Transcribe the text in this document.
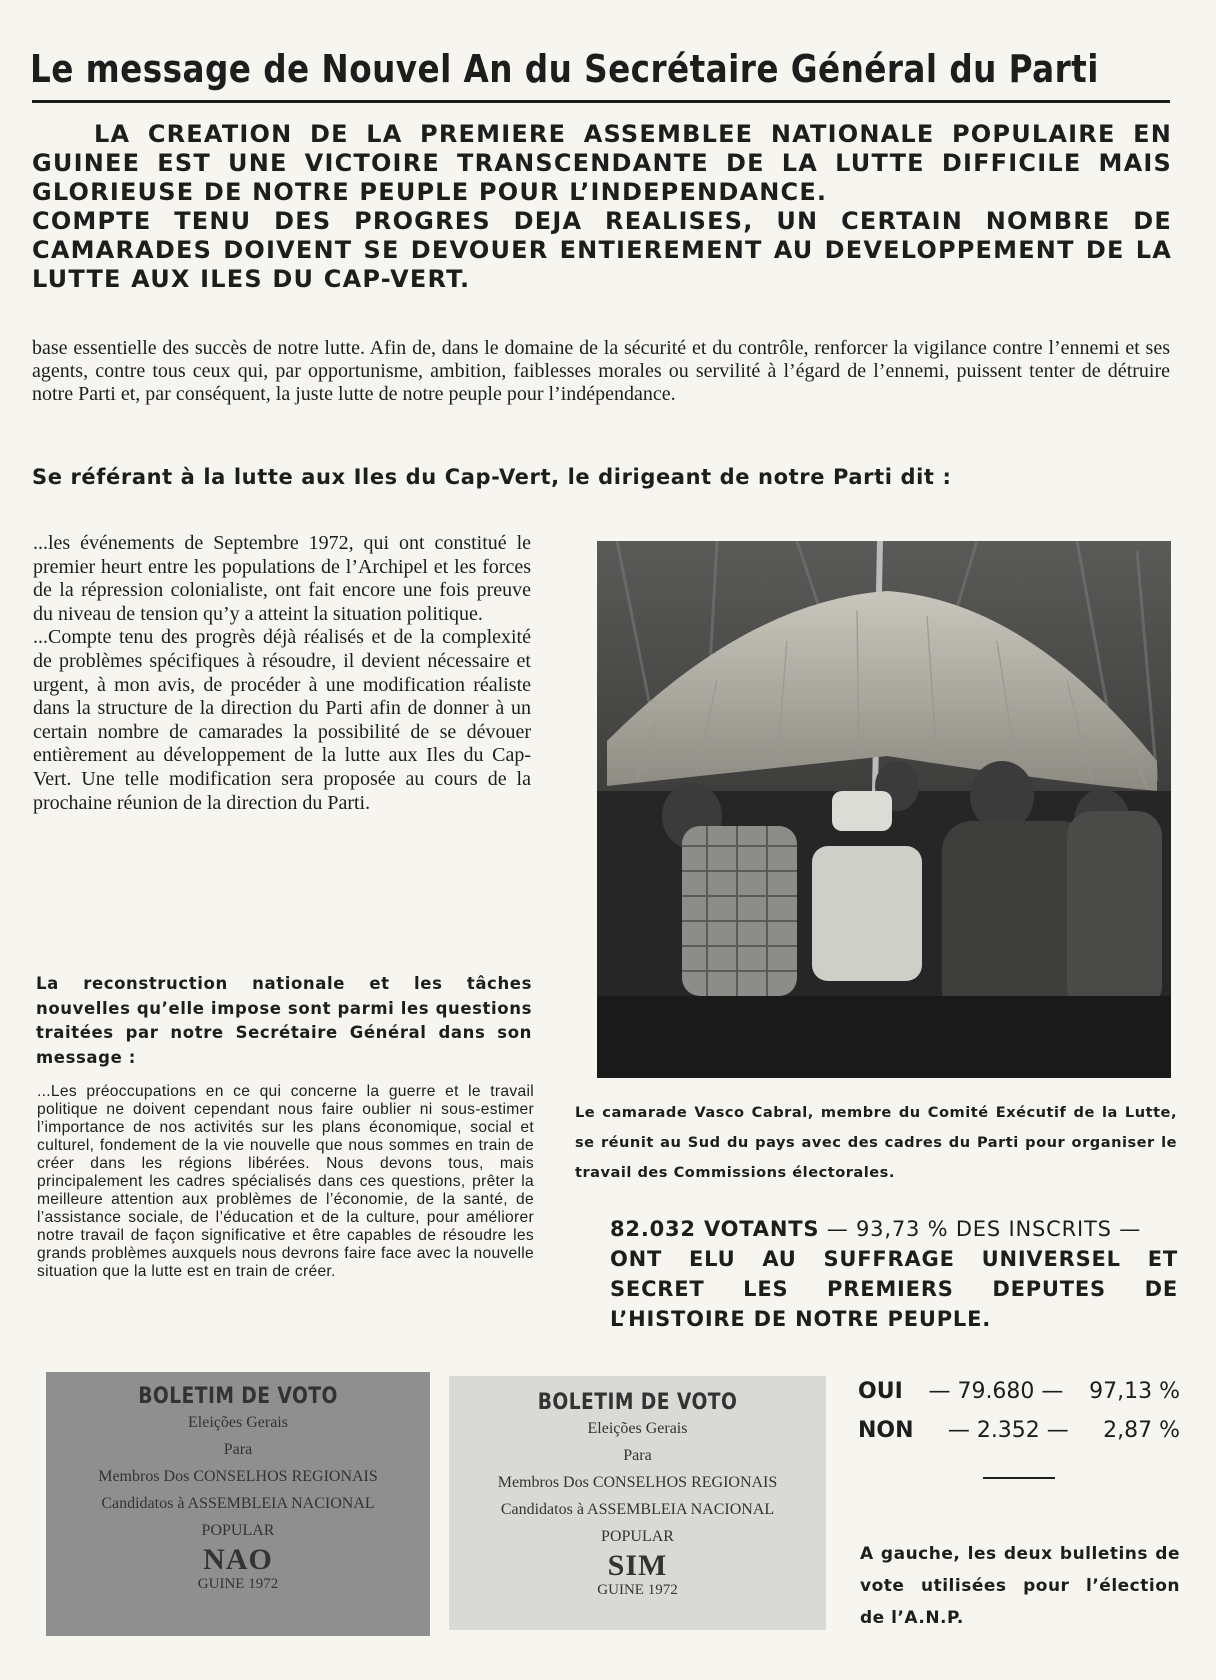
Le message de Nouvel An du Secrétaire Général du Parti

LA CREATION DE LA PREMIERE ASSEMBLEE NATIONALE POPULAIRE EN GUINEE EST UNE VICTOIRE TRANSCENDANTE DE LA LUTTE DIFFICILE MAIS GLORIEUSE DE NOTRE PEUPLE POUR L’INDEPENDANCE.

COMPTE TENU DES PROGRES DEJA REALISES, UN CERTAIN NOMBRE DE CAMARADES DOIVENT SE DEVOUER ENTIEREMENT AU DEVELOPPEMENT DE LA LUTTE AUX ILES DU CAP-VERT.

base essentielle des succès de notre lutte. Afin de, dans le domaine de la sécurité et du contrôle, renforcer la vigilance contre l’ennemi et ses agents, contre tous ceux qui, par opportunisme, ambition, faiblesses morales ou servilité à l’égard de l’ennemi, puissent tenter de détruire notre Parti et, par conséquent, la juste lutte de notre peuple pour l’indépendance.
Se référant à la lutte aux Iles du Cap-Vert, le dirigeant de notre Parti dit :

...les événements de Septembre 1972, qui ont constitué le premier heurt entre les populations de l’Archipel et les forces de la répression colonialiste, ont fait encore une fois preuve du niveau de tension qu’y a atteint la situation politique.

...Compte tenu des progrès déjà réalisés et de la complexité de problèmes spécifiques à résoudre, il devient nécessaire et urgent, à mon avis, de procéder à une modification réaliste dans la structure de la direction du Parti afin de donner à un certain nombre de camarades la possibilité de se dévouer entièrement au développement de la lutte aux Iles du Cap-Vert. Une telle modification sera proposée au cours de la prochaine réunion de la direction du Parti.

La reconstruction nationale et les tâches nouvelles qu’elle impose sont parmi les questions traitées par notre Secrétaire Général dans son message :
...Les préoccupations en ce qui concerne la guerre et le travail politique ne doivent cependant nous faire oublier ni sous-estimer l’importance de nos activités sur les plans économique, social et culturel, fondement de la vie nouvelle que nous sommes en train de créer dans les régions libérées. Nous devons tous, mais principalement les cadres spécialisés dans ces questions, prêter la meilleure attention aux problèmes de l’économie, de la santé, de l’assistance sociale, de l’éducation et de la culture, pour améliorer notre travail de façon significative et être capables de résoudre les grands problèmes auxquels nous devrons faire face avec la nouvelle situation que la lutte est en train de créer.
Le camarade Vasco Cabral, membre du Comité Exécutif de la Lutte, se réunit au Sud du pays avec des cadres du Parti pour organiser le travail des Commissions électorales.
82.032 VOTANTS — 93,73 % DES INSCRITS —
ONT ELU AU SUFFRAGE UNIVERSEL ET SECRET LES PREMIERS DEPUTES DE L’HISTOIRE DE NOTRE PEUPLE.
BOLETIM DE VOTO
Eleições Gerais
Para
Membros Dos CONSELHOS REGIONAIS
Candidatos à ASSEMBLEIA NACIONAL
POPULAR
NAO
GUINE 1972
BOLETIM DE VOTO
Eleições Gerais
Para
Membros Dos CONSELHOS REGIONAIS
Candidatos à ASSEMBLEIA NACIONAL
POPULAR
SIM
GUINE 1972
OUI — 79.680 — 97,13 %
NON — 2.352 — 2,87 %
A gauche, les deux bulletins de vote utilisées pour l’élection de l’A.N.P.
